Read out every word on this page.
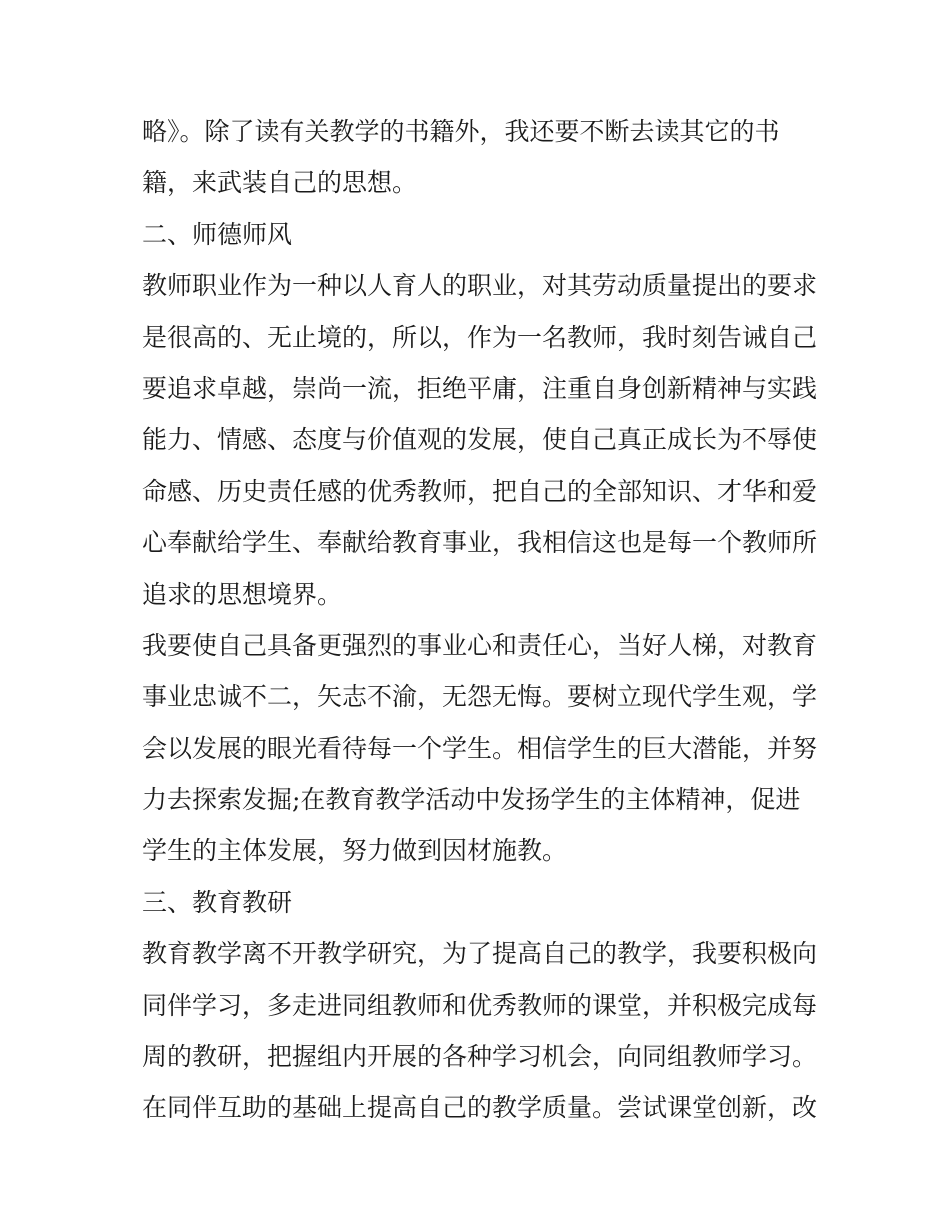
略》。除了读有关教学的书籍外，我还要不断去读其它的书
籍，来武装自己的思想。
二、师德师风
教师职业作为一种以人育人的职业，对其劳动质量提出的要求
是很高的、无止境的，所以，作为一名教师，我时刻告诫自己
要追求卓越，崇尚一流，拒绝平庸，注重自身创新精神与实践
能力、情感、态度与价值观的发展，使自己真正成长为不辱使
命感、历史责任感的优秀教师，把自己的全部知识、才华和爱
心奉献给学生、奉献给教育事业，我相信这也是每一个教师所
追求的思想境界。
我要使自己具备更强烈的事业心和责任心，当好人梯，对教育
事业忠诚不二，矢志不渝，无怨无悔。要树立现代学生观，学
会以发展的眼光看待每一个学生。相信学生的巨大潜能，并努
力去探索发掘;在教育教学活动中发扬学生的主体精神，促进
学生的主体发展，努力做到因材施教。
三、教育教研
教育教学离不开教学研究，为了提高自己的教学，我要积极向
同伴学习，多走进同组教师和优秀教师的课堂，并积极完成每
周的教研，把握组内开展的各种学习机会，向同组教师学习。
在同伴互助的基础上提高自己的教学质量。尝试课堂创新，改
